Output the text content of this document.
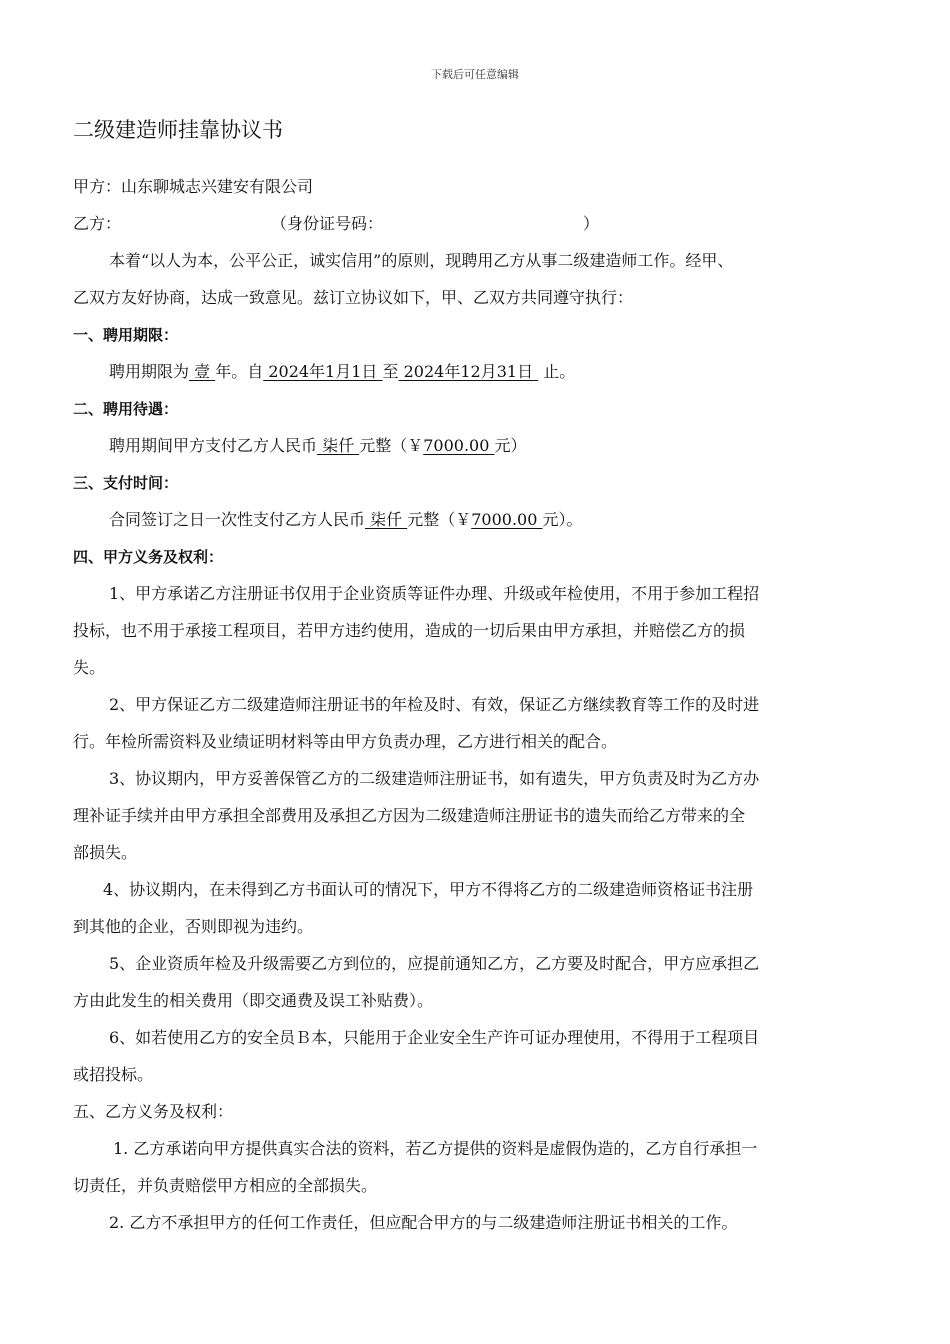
下载后可任意编辑
二级建造师挂靠协议书
甲方：山东聊城志兴建安有限公司
乙方：	（身份证号码：	）
本着“以人为本，公平公正，诚实信用”的原则，现聘用乙方从事二级建造师工作。经甲、
乙双方友好协商，达成一致意见。兹订立协议如下，甲、乙双方共同遵守执行：
一、聘用期限：
聘用期限为 壹 年。自 2024年1月1日 至 2024年12月31日 止。
二、聘用待遇：
聘用期间甲方支付乙方人民币 柒仟 元整（￥7000.00 元）
三、支付时间：
合同签订之日一次性支付乙方人民币 柒仟 元整（￥7000.00 元）。
四、甲方义务及权利：
1、甲方承诺乙方注册证书仅用于企业资质等证件办理、升级或年检使用，不用于参加工程招
投标，也不用于承接工程项目，若甲方违约使用，造成的一切后果由甲方承担，并赔偿乙方的损
失。
2、甲方保证乙方二级建造师注册证书的年检及时、有效，保证乙方继续教育等工作的及时进
行。年检所需资料及业绩证明材料等由甲方负责办理，乙方进行相关的配合。
3、协议期内，甲方妥善保管乙方的二级建造师注册证书，如有遗失，甲方负责及时为乙方办
理补证手续并由甲方承担全部费用及承担乙方因为二级建造师注册证书的遗失而给乙方带来的全
部损失。
4、协议期内，在未得到乙方书面认可的情况下，甲方不得将乙方的二级建造师资格证书注册
到其他的企业，否则即视为违约。
5、企业资质年检及升级需要乙方到位的，应提前通知乙方，乙方要及时配合，甲方应承担乙
方由此发生的相关费用（即交通费及误工补贴费）。
6、如若使用乙方的安全员Ｂ本，只能用于企业安全生产许可证办理使用，不得用于工程项目
或招投标。
五、乙方义务及权利：
1. 乙方承诺向甲方提供真实合法的资料，若乙方提供的资料是虚假伪造的，乙方自行承担一
切责任，并负责赔偿甲方相应的全部损失。
2. 乙方不承担甲方的任何工作责任，但应配合甲方的与二级建造师注册证书相关的工作。
